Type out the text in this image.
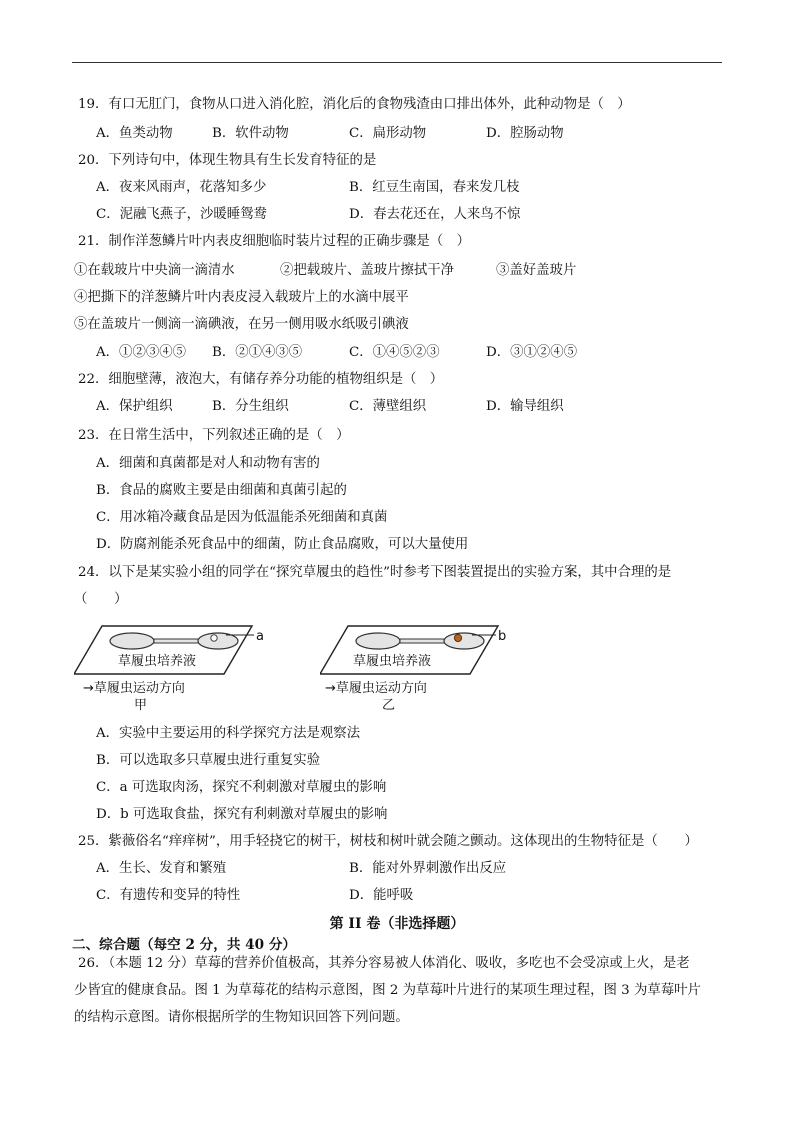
19．有口无肛门，食物从口进入消化腔，消化后的食物残渣由口排出体外，此种动物是（　）
A．鱼类动物	B．软件动物	C．扁形动物	D．腔肠动物
20．下列诗句中，体现生物具有生长发育特征的是
A．夜来风雨声，花落知多少	B．红豆生南国，春来发几枝
C．泥融飞燕子，沙暖睡鸳鸯	D．春去花还在，人来鸟不惊
21．制作洋葱鳞片叶内表皮细胞临时装片过程的正确步骤是（　）
①在载玻片中央滴一滴清水	②把载玻片、盖玻片擦拭干净	③盖好盖玻片
④把撕下的洋葱鳞片叶内表皮浸入载玻片上的水滴中展平
⑤在盖玻片一侧滴一滴碘液，在另一侧用吸水纸吸引碘液
A．①②③④⑤ B．②①④③⑤	C．①④⑤②③	D．③①②④⑤
22．细胞壁薄，液泡大，有储存养分功能的植物组织是（　）
A．保护组织	B．分生组织	C．薄壁组织	D．输导组织
23．在日常生活中，下列叙述正确的是（　）
A．细菌和真菌都是对人和动物有害的
B．食品的腐败主要是由细菌和真菌引起的
C．用冰箱冷藏食品是因为低温能杀死细菌和真菌
D．防腐剂能杀死食品中的细菌，防止食品腐败，可以大量使用
24．以下是某实验小组的同学在“探究草履虫的趋性”时参考下图装置提出的实验方案，其中合理的是
（　　）
a
草履虫培养液
→草履虫运动方向
甲
b
草履虫培养液
→草履虫运动方向
乙
A．实验中主要运用的科学探究方法是观察法
B．可以选取多只草履虫进行重复实验
C．a 可选取肉汤，探究不利刺激对草履虫的影响
D．b 可选取食盐，探究有利刺激对草履虫的影响
25．紫薇俗名“痒痒树”，用手轻挠它的树干，树枝和树叶就会随之颤动。这体现出的生物特征是（　　）
A．生长、发育和繁殖	B．能对外界刺激作出反应
C．有遗传和变异的特性	D．能呼吸
第 II 卷（非选择题）
二、综合题（每空 2 分，共 40 分）
26．（本题 12 分）草莓的营养价值极高，其养分容易被人体消化、吸收，多吃也不会受凉或上火，是老
少皆宜的健康食品。图 1 为草莓花的结构示意图，图 2 为草莓叶片进行的某项生理过程，图 3 为草莓叶片
的结构示意图。请你根据所学的生物知识回答下列问题。
